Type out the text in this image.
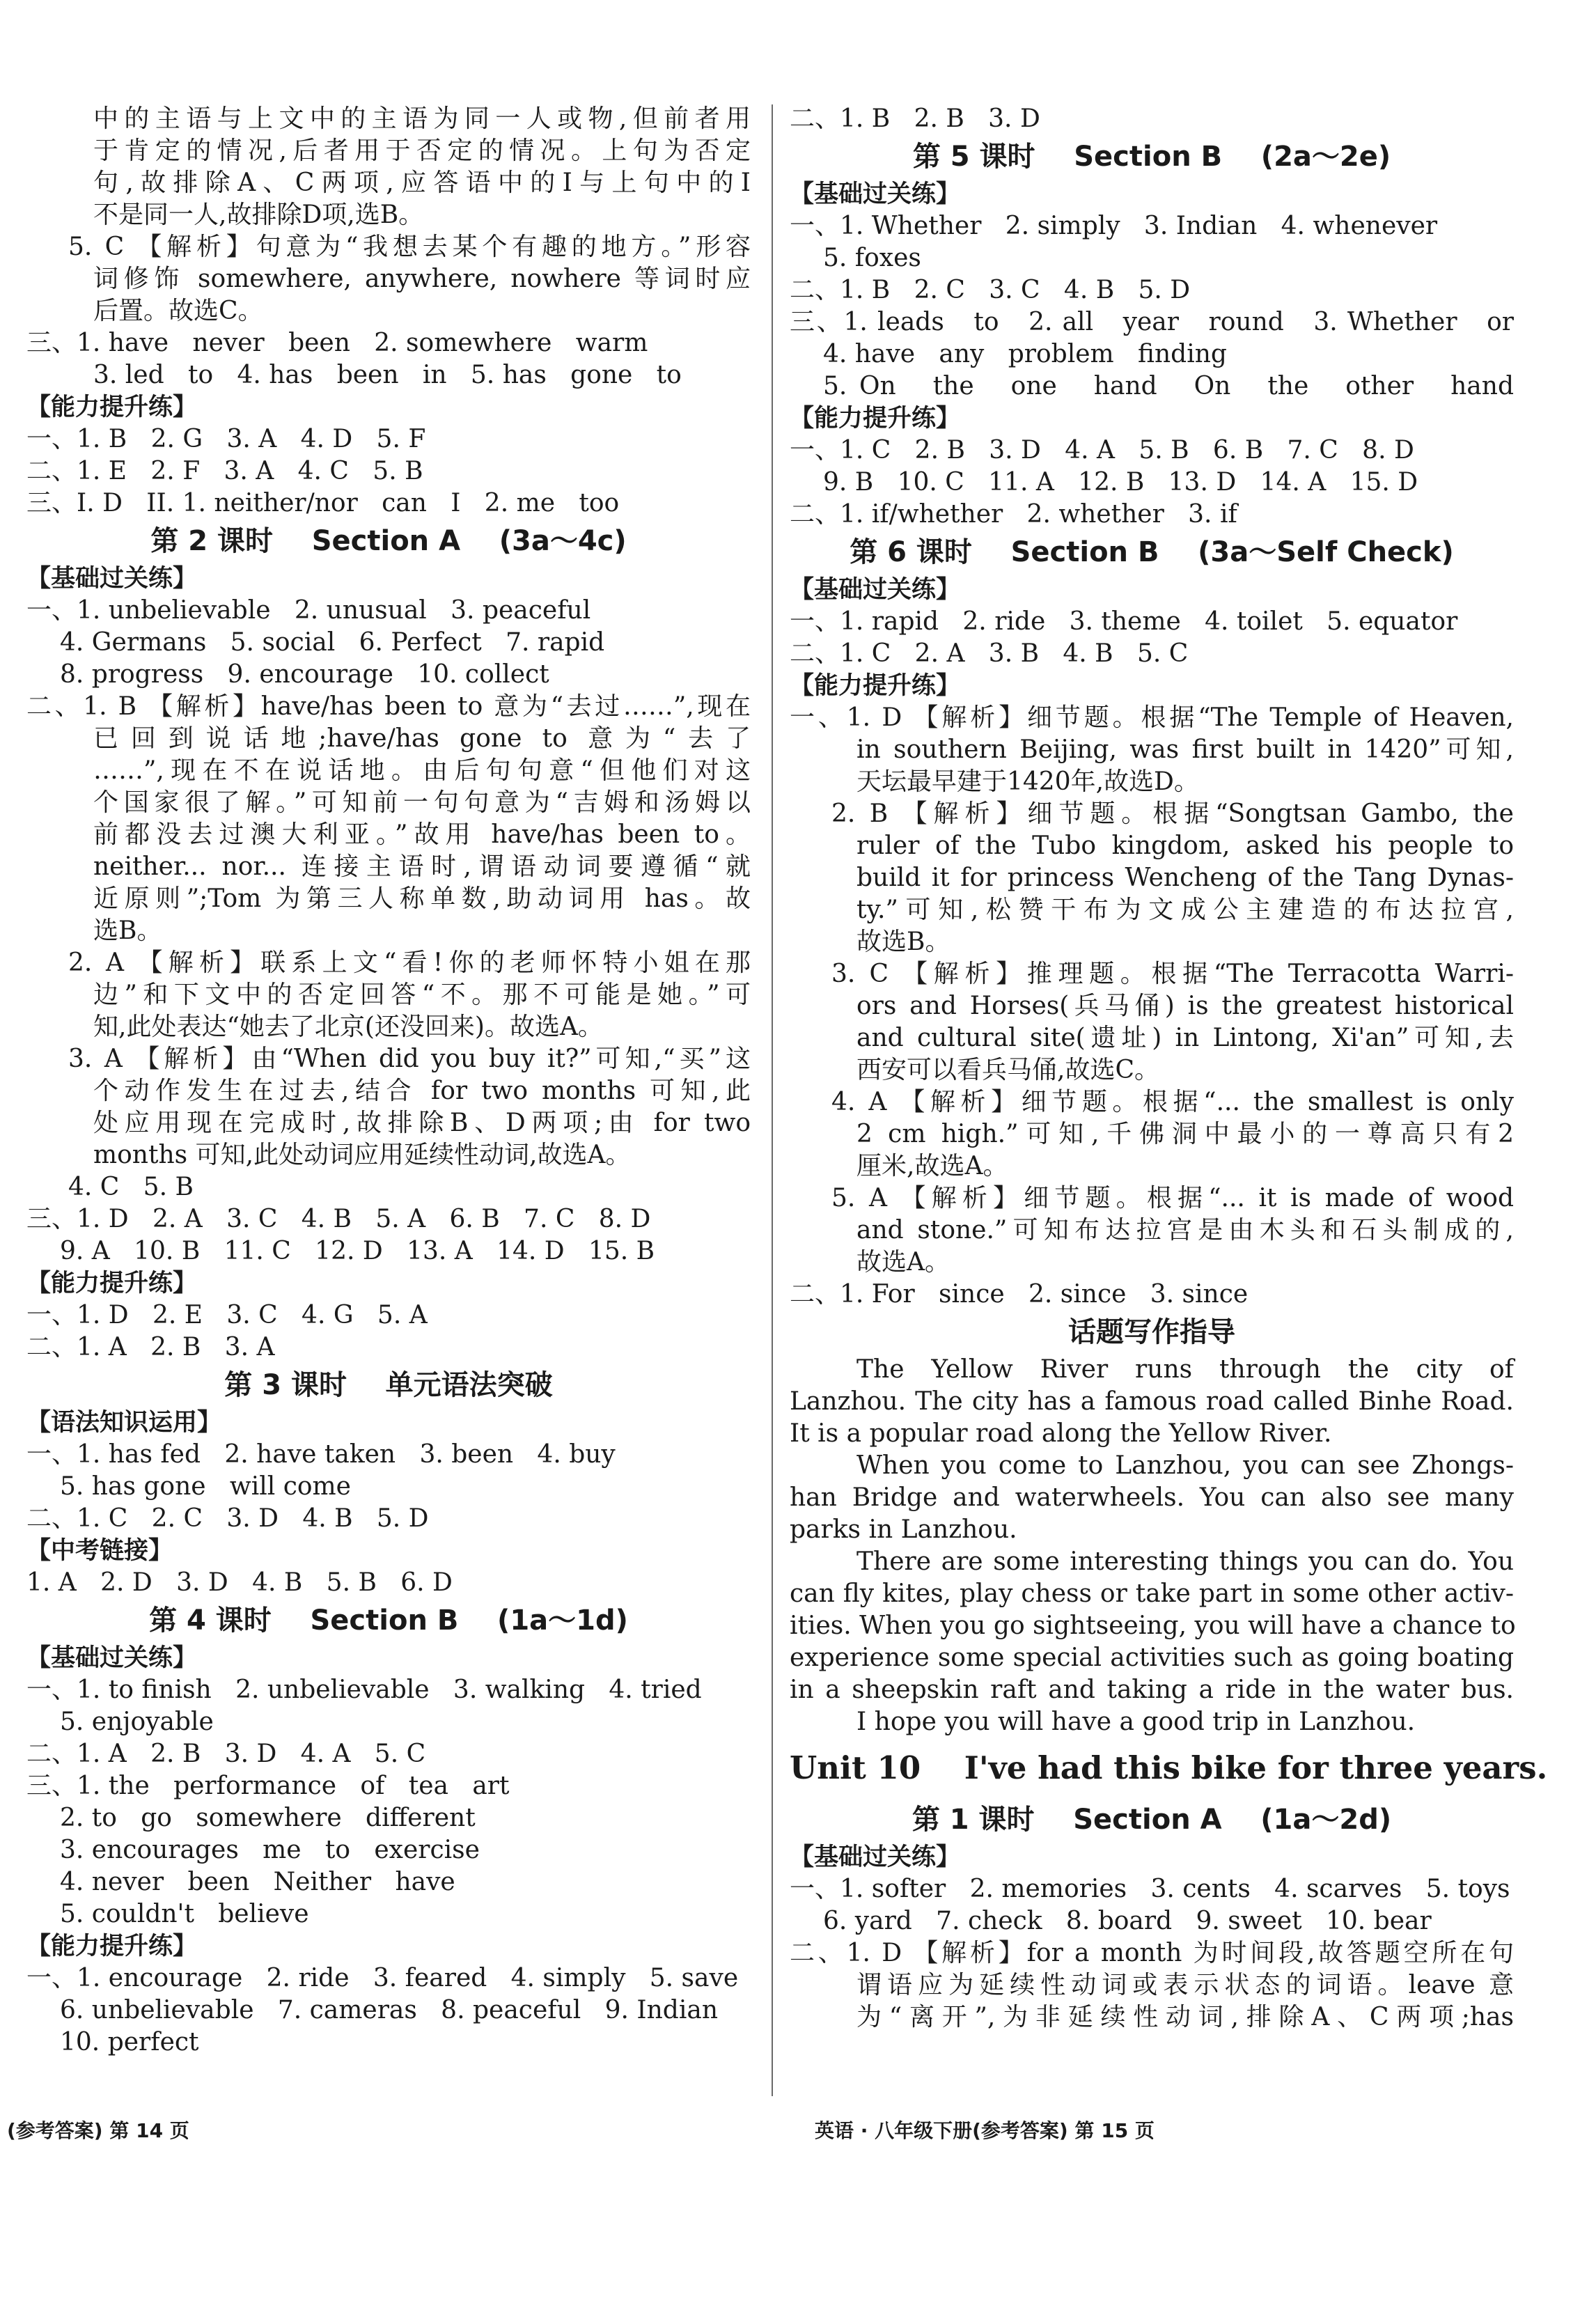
中的主语与上文中的主语为同一人或物,但前者用
于肯定的情况,后者用于否定的情况。上句为否定
句,故排除A、C两项,应答语中的I与上句中的I
不是同一人,故排除D项,选B。
5. C 【解析】句意为“我想去某个有趣的地方。”形容
词修饰 somewhere, anywhere, nowhere 等词时应
后置。故选C。
三、1. have   never   been   2. somewhere   warm
3. led   to   4. has   been   in   5. has   gone   to
【能力提升练】
一、1. B   2. G   3. A   4. D   5. F
二、1. E   2. F   3. A   4. C   5. B
三、I. D   II. 1. neither/nor   can   I   2. me   too
第 2 课时    Section A    (3a～4c)
【基础过关练】
一、1. unbelievable   2. unusual   3. peaceful
4. Germans   5. social   6. Perfect   7. rapid
8. progress   9. encourage   10. collect
二、1. B 【解析】have/has been to 意为“去过……”,现在
已回到说话地;have/has gone to 意为“去了
……”,现在不在说话地。由后句句意“但他们对这
个国家很了解。”可知前一句句意为“吉姆和汤姆以
前都没去过澳大利亚。”故用 have/has been to。
neither... nor... 连接主语时,谓语动词要遵循“就
近原则”;Tom 为第三人称单数,助动词用 has。故
选B。
2. A 【解析】联系上文“看!你的老师怀特小姐在那
边”和下文中的否定回答“不。那不可能是她。”可
知,此处表达“她去了北京(还没回来)。故选A。
3. A 【解析】由“When did you buy it?”可知,“买”这
个动作发生在过去,结合 for two months 可知,此
处应用现在完成时,故排除B、D两项;由 for two
months 可知,此处动词应用延续性动词,故选A。
4. C   5. B
三、1. D   2. A   3. C   4. B   5. A   6. B   7. C   8. D
9. A   10. B   11. C   12. D   13. A   14. D   15. B
【能力提升练】
一、1. D   2. E   3. C   4. G   5. A
二、1. A   2. B   3. A
第 3 课时    单元语法突破
【语法知识运用】
一、1. has fed   2. have taken   3. been   4. buy
5. has gone   will come
二、1. C   2. C   3. D   4. B   5. D
【中考链接】
1. A   2. D   3. D   4. B   5. B   6. D
第 4 课时    Section B    (1a～1d)
【基础过关练】
一、1. to finish   2. unbelievable   3. walking   4. tried
5. enjoyable
二、1. A   2. B   3. D   4. A   5. C
三、1. the   performance   of   tea   art
2. to   go   somewhere   different
3. encourages   me   to   exercise
4. never   been   Neither   have
5. couldn't   believe
【能力提升练】
一、1. encourage   2. ride   3. feared   4. simply   5. save
6. unbelievable   7. cameras   8. peaceful   9. Indian
10. perfect
二、1. B   2. B   3. D
第 5 课时    Section B    (2a～2e)
【基础过关练】
一、1. Whether   2. simply   3. Indian   4. whenever
5. foxes
二、1. B   2. C   3. C   4. B   5. D
三、1. leads   to   2. all   year   round   3. Whether   or
4. have   any   problem   finding
5. On   the   one   hand   On   the   other   hand
【能力提升练】
一、1. C   2. B   3. D   4. A   5. B   6. B   7. C   8. D
9. B   10. C   11. A   12. B   13. D   14. A   15. D
二、1. if/whether   2. whether   3. if
第 6 课时    Section B    (3a～Self Check)
【基础过关练】
一、1. rapid   2. ride   3. theme   4. toilet   5. equator
二、1. C   2. A   3. B   4. B   5. C
【能力提升练】
一、1. D 【解析】细节题。根据“The Temple of Heaven,
in southern Beijing, was first built in 1420”可知,
天坛最早建于1420年,故选D。
2. B 【解析】细节题。根据“Songtsan Gambo, the
ruler of the Tubo kingdom, asked his people to
build it for princess Wencheng of the Tang Dynas-
ty.”可知,松赞干布为文成公主建造的布达拉宫,
故选B。
3. C 【解析】推理题。根据“The Terracotta Warri-
ors and Horses(兵马俑) is the greatest historical
and cultural site(遗址) in Lintong, Xi'an”可知,去
西安可以看兵马俑,故选C。
4. A 【解析】细节题。根据“... the smallest is only
2 cm high.”可知,千佛洞中最小的一尊高只有2
厘米,故选A。
5. A 【解析】细节题。根据“... it is made of wood
and stone.”可知布达拉宫是由木头和石头制成的,
故选A。
二、1. For   since   2. since   3. since
话题写作指导
The  Yellow  River  runs  through  the  city  of
Lanzhou. The city has a famous road called Binhe Road.
It is a popular road along the Yellow River.
When you come to Lanzhou, you can see Zhongs-
han Bridge and waterwheels. You can also see many
parks in Lanzhou.
There are some interesting things you can do. You
can fly kites, play chess or take part in some other activ-
ities. When you go sightseeing, you will have a chance to
experience some special activities such as going boating
in a sheepskin raft and taking a ride in the water bus.
I hope you will have a good trip in Lanzhou.
Unit 10    I've had this bike for three years.
第 1 课时    Section A    (1a～2d)
【基础过关练】
一、1. softer   2. memories   3. cents   4. scarves   5. toys
6. yard   7. check   8. board   9. sweet   10. bear
二、1. D 【解析】for a month 为时间段,故答题空所在句
谓语应为延续性动词或表示状态的词语。leave 意
为“离开”,为非延续性动词,排除A、C两项;has
(参考答案) 第 14 页	英语 · 八年级下册(参考答案) 第 15 页
